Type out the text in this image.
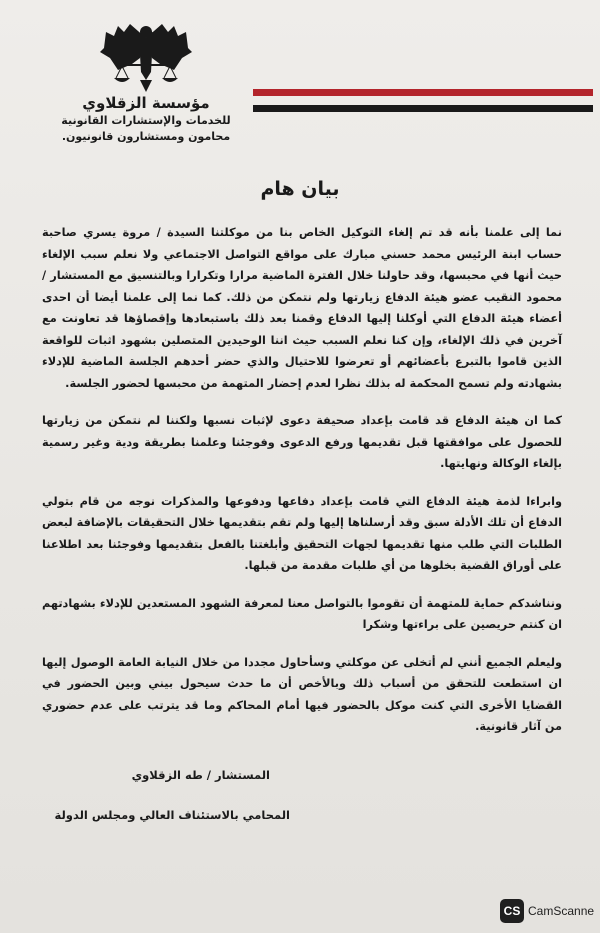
مؤسسة الزقلاوي
للخدمات والإستشارات القانونية
محامون ومستشارون قانونيون.
بيان هام

نما إلى علمنا بأنه قد تم إلغاء التوكيل الخاص بنا من موكلتنا السيدة / مروة يسري صاحبة حساب ابنة الرئيس محمد حسني مبارك على مواقع التواصل الاجتماعي ولا نعلم سبب الإلغاء حيث أنها في محبسها، وقد حاولنا خلال الفترة الماضية مرارا وتكرارا وبالتنسيق مع المستشار / محمود النقيب عضو هيئة الدفاع زيارتها ولم نتمكن من ذلك. كما نما إلى علمنا أيضا أن احدى أعضاء هيئة الدفاع التي أوكلنا إليها الدفاع وقمنا بعد ذلك باستبعادها وإقصاؤها قد تعاونت مع آخرين في ذلك الإلغاء، وإن كنا نعلم السبب حيث اننا الوحيدين المتصلين بشهود اثبات للواقعة الذين قاموا بالتبرع بأعضائهم أو تعرضوا للاحتيال والذي حضر أحدهم الجلسة الماضية للإدلاء بشهادته ولم تسمح المحكمة له بذلك نظرا لعدم إحضار المتهمة من محبسها لحضور الجلسة.

كما ان هيئة الدفاع قد قامت بإعداد صحيفة دعوى لإثبات نسبها ولكننا لم نتمكن من زيارتها للحصول على موافقتها قبل تقديمها ورفع الدعوى وفوجئنا وعلمنا بطريقة ودية وغير رسمية بإلغاء الوكالة ونهايتها.

وابراءا لذمة هيئة الدفاع التي قامت بإعداد دفاعها ودفوعها والمذكرات نوجه من قام بتولي الدفاع أن تلك الأدلة سبق وقد أرسلناها إليها ولم تقم بتقديمها خلال التحقيقات بالإضافة لبعض الطلبات التي طلب منها تقديمها لجهات التحقيق وأبلغتنا بالفعل بتقديمها وفوجئنا بعد اطلاعنا على أوراق القضية بخلوها من أي طلبات مقدمة من قبلها.

ونناشدكم حماية للمتهمة أن تقوموا بالتواصل معنا لمعرفة الشهود المستعدين للإدلاء بشهادتهم ان كنتم حريصين على براءتها وشكرا

وليعلم الجميع أنني لم أتخلى عن موكلتي وسأحاول مجددا من خلال النيابة العامة الوصول إليها ان استطعت للتحقق من أسباب ذلك وبالأخص أن ما حدث سيحول بيني وبين الحضور في القضايا الأخرى التي كنت موكل بالحضور فيها أمام المحاكم وما قد يترتب على عدم حضوري من آثار قانونية.

المستشار / طه الزقلاوي
المحامي بالاستئناف العالي ومجلس الدولة
CS CamScanne
